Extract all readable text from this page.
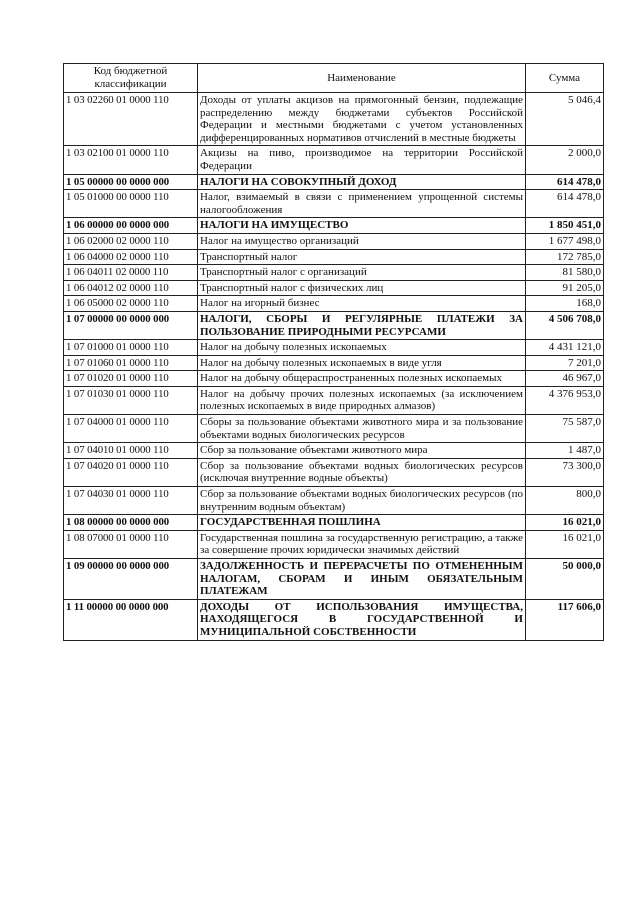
Код бюджетной классификации	Наименование	Сумма
1 03 02260 01 0000 110	Доходы от уплаты акцизов на прямогонный бензин, подлежащие распределению между бюджетами субъектов Российской Федерации и местными бюджетами с учетом установленных дифференцированных нормативов отчислений в местные бюджеты	5 046,4
1 03 02100 01 0000 110	Акцизы на пиво, производимое на территории Российской Федерации	2 000,0
1 05 00000 00 0000 000	НАЛОГИ НА СОВОКУПНЫЙ ДОХОД	614 478,0
1 05 01000 00 0000 110	Налог, взимаемый в связи с применением упрощенной системы налогообложения	614 478,0
1 06 00000 00 0000 000	НАЛОГИ НА ИМУЩЕСТВО	1 850 451,0
1 06 02000 02 0000 110	Налог на имущество организаций	1 677 498,0
1 06 04000 02 0000 110	Транспортный налог	172 785,0
1 06 04011 02 0000 110	Транспортный налог с организаций	81 580,0
1 06 04012 02 0000 110	Транспортный налог с физических лиц	91 205,0
1 06 05000 02 0000 110	Налог на игорный бизнес	168,0
1 07 00000 00 0000 000	НАЛОГИ, СБОРЫ И РЕГУЛЯРНЫЕ ПЛАТЕЖИ ЗА ПОЛЬЗОВАНИЕ ПРИРОДНЫМИ РЕСУРСАМИ	4 506 708,0
1 07 01000 01 0000 110	Налог на добычу полезных ископаемых	4 431 121,0
1 07 01060 01 0000 110	Налог на добычу полезных ископаемых в виде угля	7 201,0
1 07 01020 01 0000 110	Налог на добычу общераспространенных полезных ископаемых	46 967,0
1 07 01030 01 0000 110	Налог на добычу прочих полезных ископаемых (за исключением полезных ископаемых в виде природных алмазов)	4 376 953,0
1 07 04000 01 0000 110	Сборы за пользование объектами животного мира и за пользование объектами водных биологических ресурсов	75 587,0
1 07 04010 01 0000 110	Сбор за пользование объектами животного мира	1 487,0
1 07 04020 01 0000 110	Сбор за пользование объектами водных биологических ресурсов (исключая внутренние водные объекты)	73 300,0
1 07 04030 01 0000 110	Сбор за пользование объектами водных биологических ресурсов (по внутренним водным объектам)	800,0
1 08 00000 00 0000 000	ГОСУДАРСТВЕННАЯ ПОШЛИНА	16 021,0
1 08 07000 01 0000 110	Государственная пошлина за государственную регистрацию, а также за совершение прочих юридически значимых действий	16 021,0
1 09 00000 00 0000 000	ЗАДОЛЖЕННОСТЬ И ПЕРЕРАСЧЕТЫ ПО ОТМЕНЕННЫМ НАЛОГАМ, СБОРАМ И ИНЫМ ОБЯЗАТЕЛЬНЫМ ПЛАТЕЖАМ	50 000,0
1 11 00000 00 0000 000	ДОХОДЫ ОТ ИСПОЛЬЗОВАНИЯ ИМУЩЕСТВА, НАХОДЯЩЕГОСЯ В ГОСУДАРСТВЕННОЙ И МУНИЦИПАЛЬНОЙ СОБСТВЕННОСТИ	117 606,0
